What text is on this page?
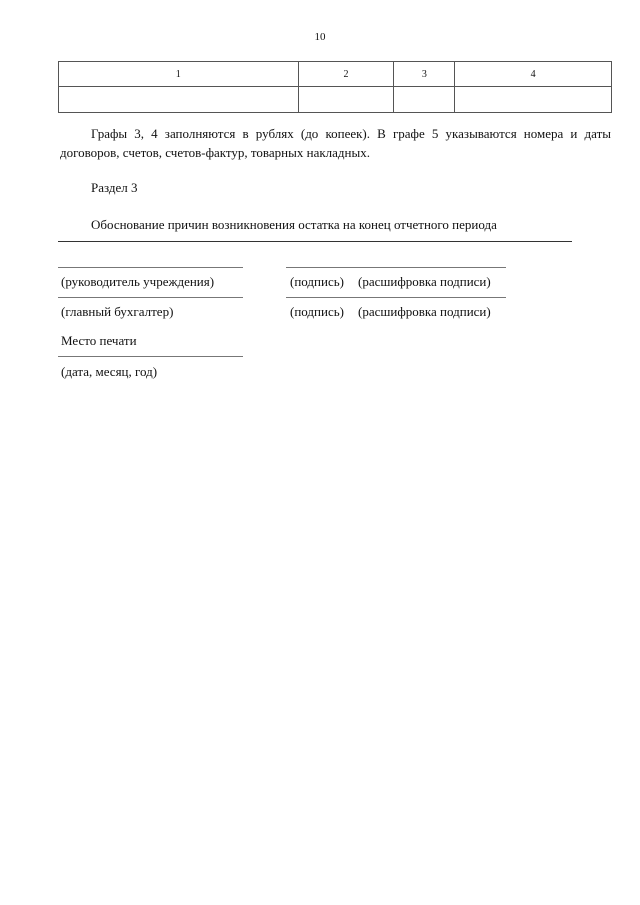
10
1	2	3	4

Графы 3, 4 заполняются в рублях (до копеек). В графе 5 указываются номера и даты договоров, счетов, счетов-фактур, товарных накладных.
Раздел 3
Обоснование причин возникновения остатка на конец отчетного периода
(руководитель учреждения)	(подпись) (расшифровка подписи)
(главный бухгалтер)	(подпись) (расшифровка подписи)
Место печати
(дата, месяц, год)
